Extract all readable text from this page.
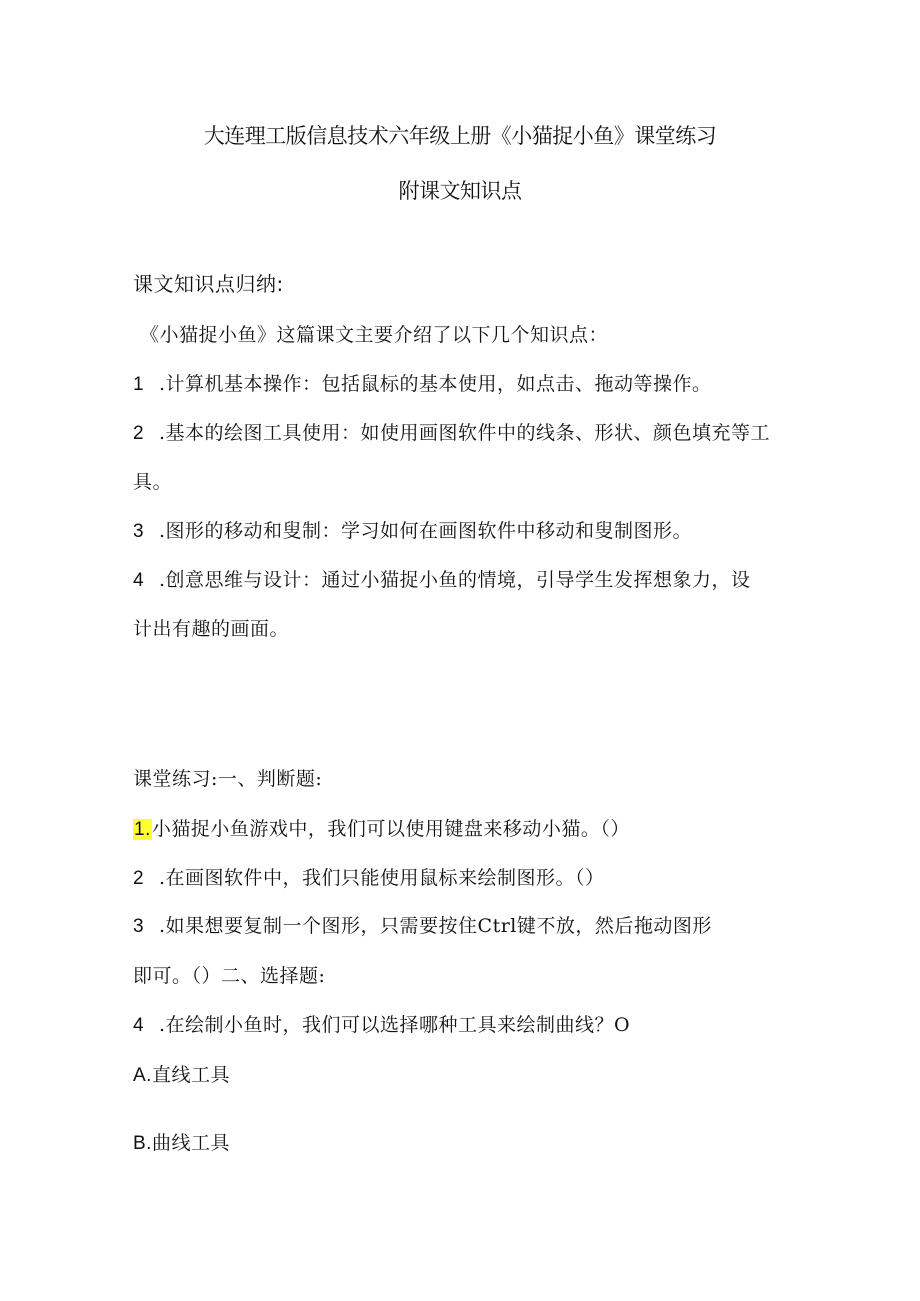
大连理工版信息技术六年级上册《小猫捉小鱼》课堂练习
附课文知识点
课文知识点归纳:
《小猫捉小鱼》这篇课文主要介绍了以下几个知识点：
1 .计算机基本操作：包括鼠标的基本使用，如点击、拖动等操作。
2 .基本的绘图工具使用：如使用画图软件中的线条、形状、颜色填充等工
具。
3 .图形的移动和叟制：学习如何在画图软件中移动和叟制图形。
4 .创意思维与设计：通过小猫捉小鱼的情境，引导学生发挥想象力，设
计出有趣的画面。
课堂练习:一、判断题:
1.小猫捉小鱼游戏中，我们可以使用键盘来移动小猫。（）
2 .在画图软件中，我们只能使用鼠标来绘制图形。（）
3 .如果想要复制一个图形，只需要按住Ctrl键不放，然后拖动图形
即可。（）二、选择题:
4 .在绘制小鱼时，我们可以选择哪种工具来绘制曲线？O
A.直线工具
B.曲线工具
